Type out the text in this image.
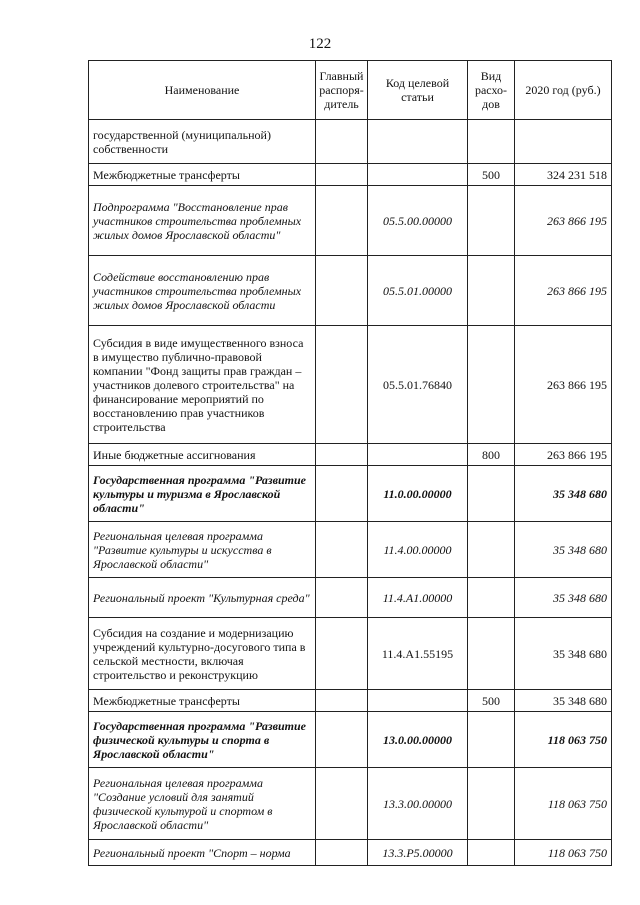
122
Наименование	Главный распоря-дитель	Код целевой статьи	Вид расхо-дов	2020 год (руб.)
государственной (муниципальной) собственности				
Межбюджетные трансферты			500	324 231 518
Подпрограмма "Восстановление прав участников строительства проблемных жилых домов Ярославской области"		05.5.00.00000		263 866 195
Содействие восстановлению прав участников строительства проблемных жилых домов Ярославской области		05.5.01.00000		263 866 195
Субсидия в виде имущественного взноса в имущество публично-правовой компании "Фонд защиты прав граждан – участников долевого строительства" на финансирование мероприятий по восстановлению прав участников строительства		05.5.01.76840		263 866 195
Иные бюджетные ассигнования			800	263 866 195
Государственная программа "Развитие культуры и туризма в Ярославской области"		11.0.00.00000		35 348 680
Региональная целевая программа "Развитие культуры и искусства в Ярославской области"		11.4.00.00000		35 348 680
Региональный проект "Культурная среда"		11.4.A1.00000		35 348 680
Субсидия на создание и модернизацию учреждений культурно-досугового типа в сельской местности, включая строительство и реконструкцию		11.4.A1.55195		35 348 680
Межбюджетные трансферты			500	35 348 680
Государственная программа "Развитие физической культуры и спорта в Ярославской области"		13.0.00.00000		118 063 750
Региональная целевая программа "Создание условий для занятий физической культурой и спортом в Ярославской области"		13.3.00.00000		118 063 750
Региональный проект "Спорт – норма		13.3.P5.00000		118 063 750
